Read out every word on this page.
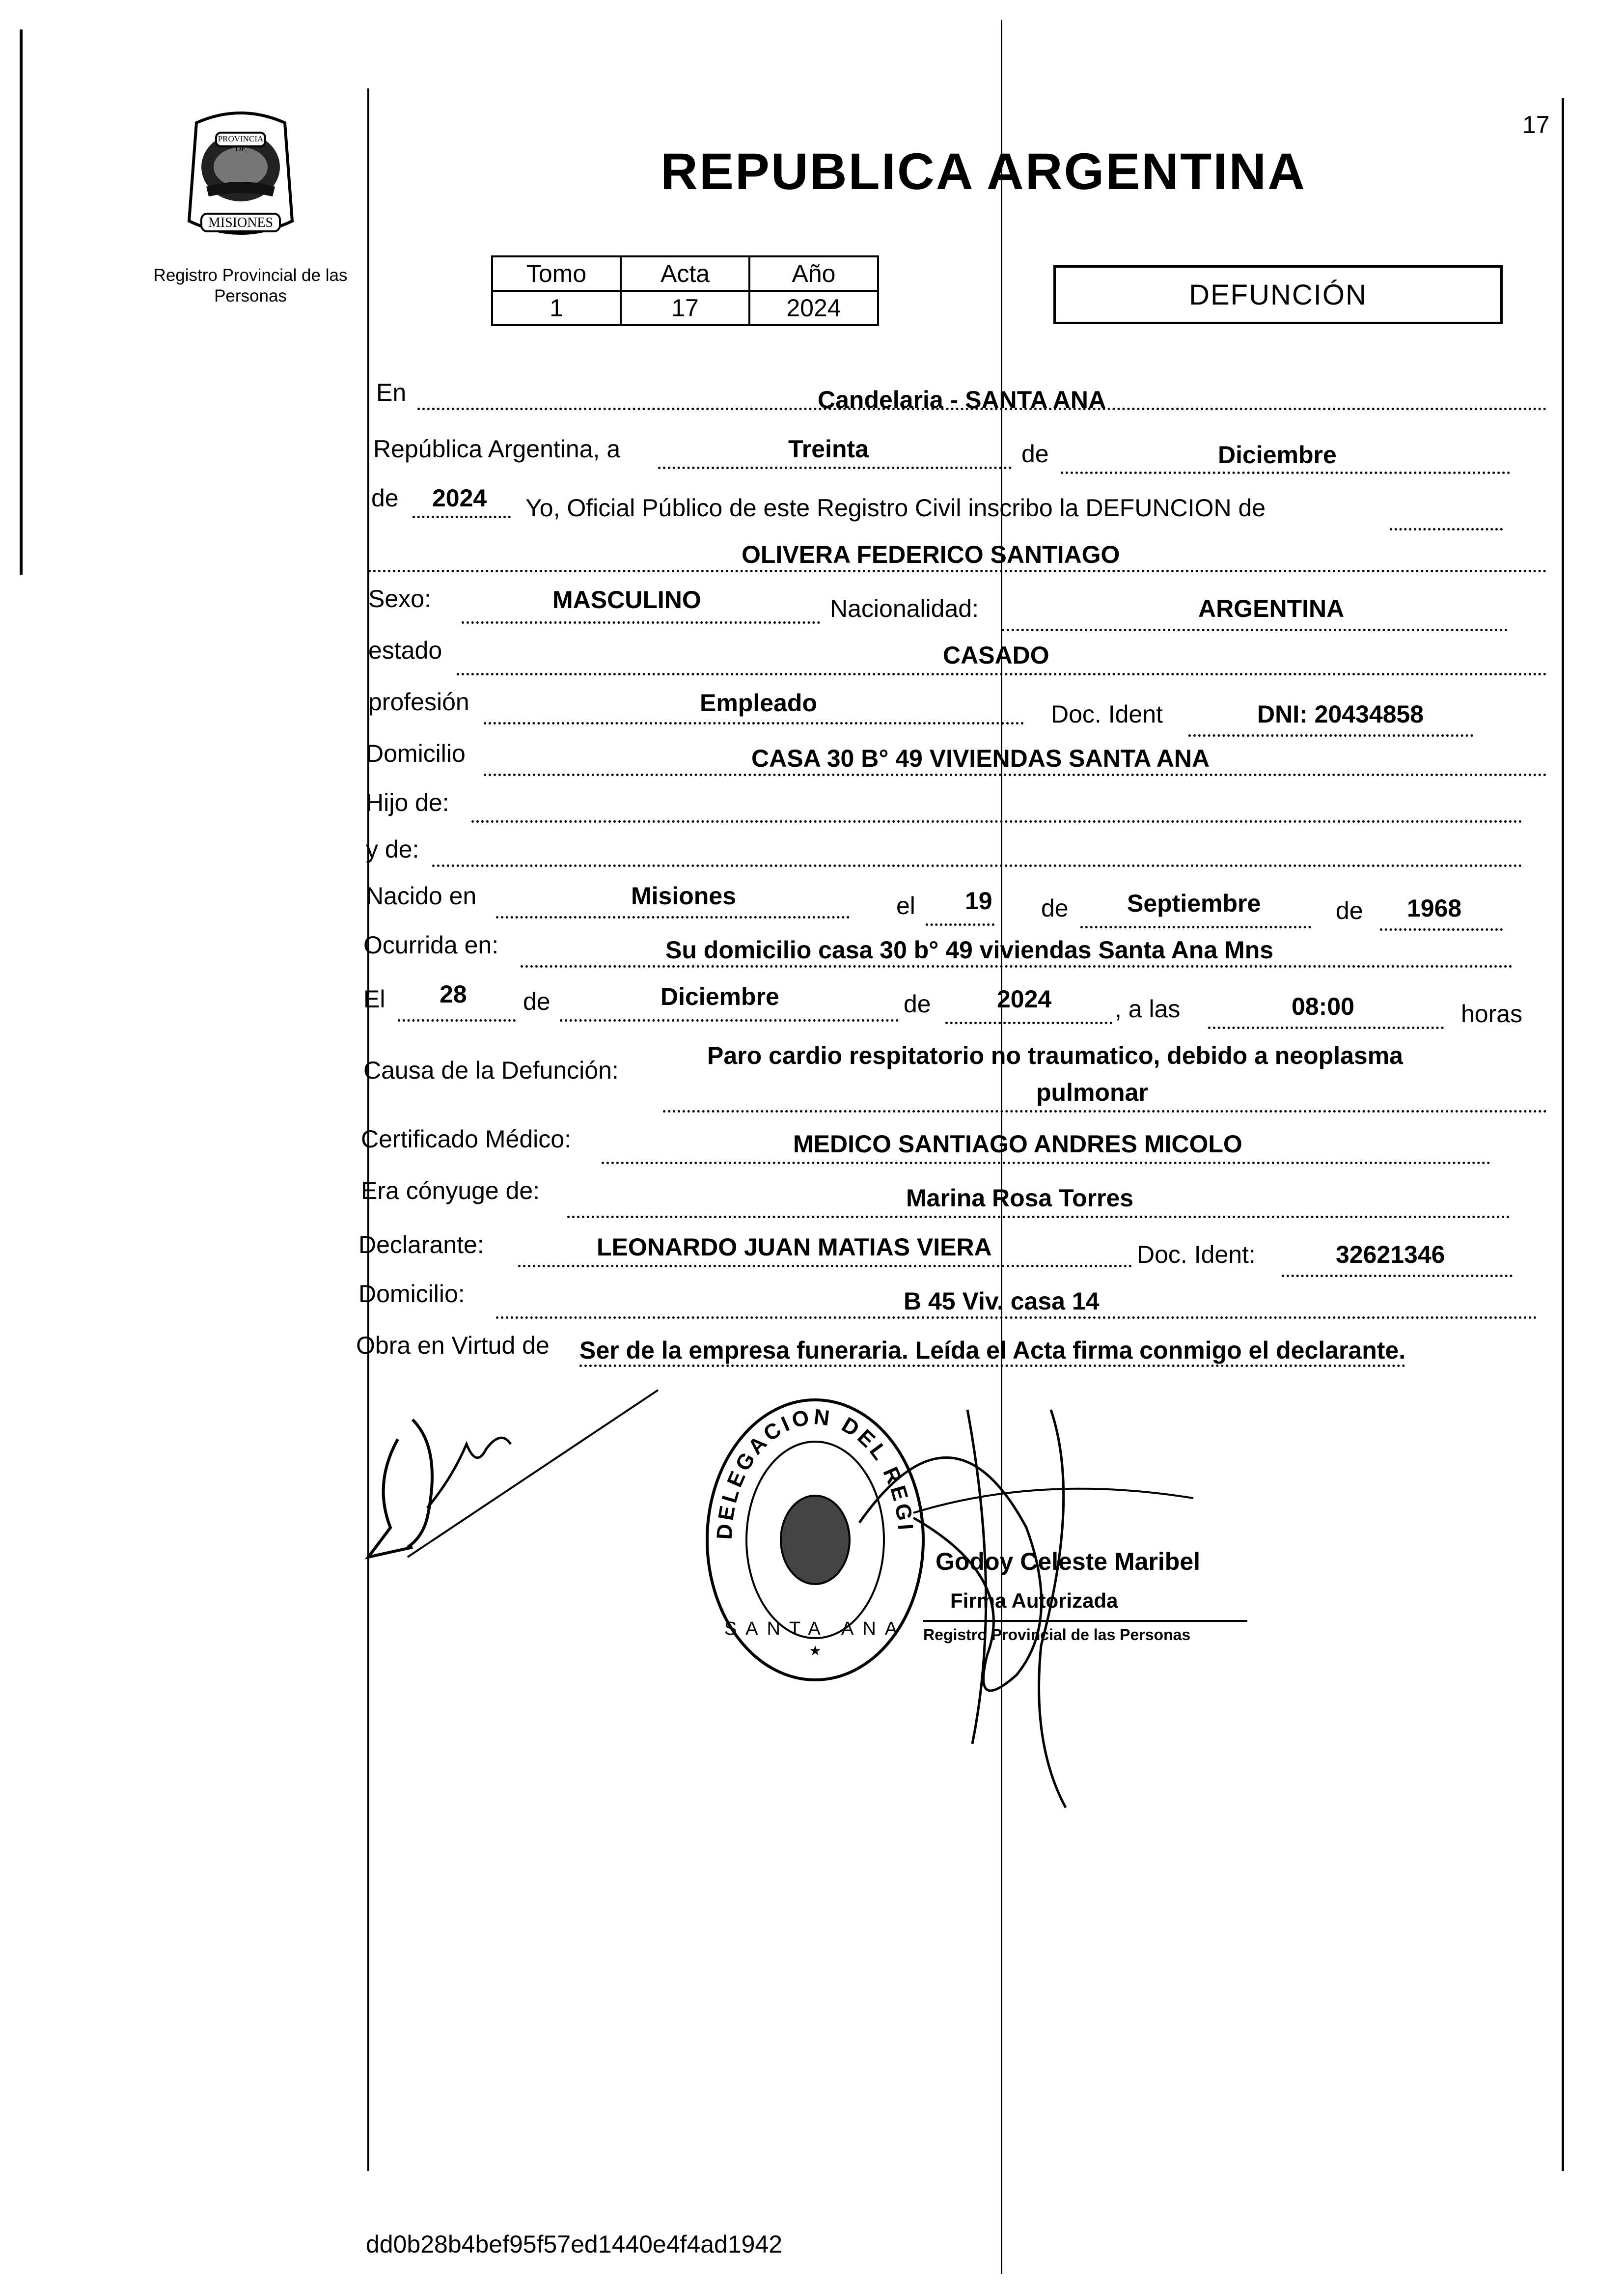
17
PROVINCIA DE
MISIONES
Registro Provincial de las Personas
REPUBLICA ARGENTINA
Tomo	Acta	Año
1	17	2024	DEFUNCIÓN
En	Candelaria - SANTA ANA
República Argentina, a	Treinta	de	Diciembre
de 2024 Yo, Oficial Público de este Registro Civil inscribo la DEFUNCION de
OLIVERA FEDERICO SANTIAGO
Sexo:	MASCULINO	Nacionalidad:	ARGENTINA
estado	CASADO
profesión	Empleado	Doc. Ident	DNI: 20434858
Domicilio	CASA 30 B° 49 VIVIENDAS SANTA ANA
Hijo de:
y de:
Nacido en	Misiones	el 19 de Septiembre	de 1968
Ocurrida en:	Su domicilio casa 30 b° 49 viviendas Santa Ana Mns
El 28 de	Diciembre	de	2024	, a las	08:00	horas
Causa de la Defunción:
Paro cardio respitatorio no traumatico, debido a neoplasma
pulmonar
Certificado Médico:	MEDICO SANTIAGO ANDRES MICOLO
Era cónyuge de:	Marina Rosa Torres
Declarante:	LEONARDO JUAN MATIAS VIERA	Doc. Ident:	32621346
Domicilio:	B 45 Viv. casa 14
Obra en Virtud de Ser de la empresa funeraria. Leída el Acta firma conmigo el declarante.
DELEGACION DEL REGI
★
SANTA ANA
Godoy Celeste Maribel
Firma Autorizada
Registro Provincial de las Personas
dd0b28b4bef95f57ed1440e4f4ad1942
